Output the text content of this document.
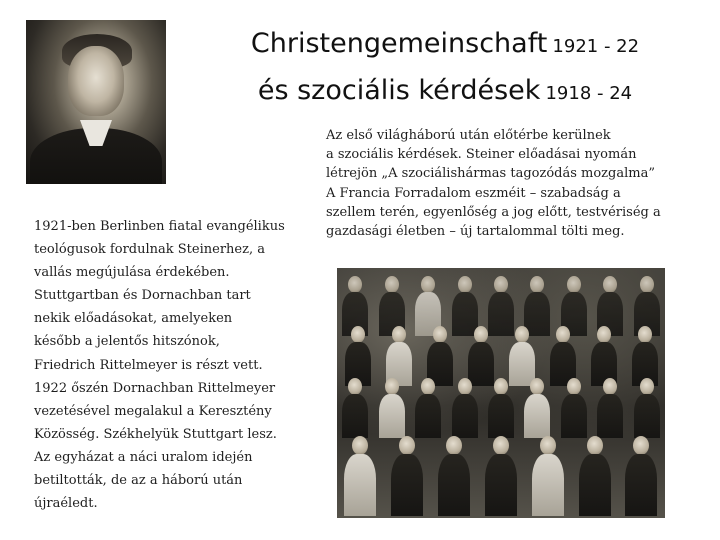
Christengemeinschaft 1921 - 22
és szociális kérdések 1918 - 24
Az első világháború után előtérbe kerülnek
a szociális kérdések. Steiner előadásai nyomán
létrejön „A szociálishármas tagozódás mozgalma”
A Francia Forradalom eszméit – szabadság a
szellem terén, egyenlőség a jog előtt, testvériség a
gazdasági életben – új tartalommal tölti meg.
1921-ben Berlinben fiatal evangélikus
teológusok fordulnak Steinerhez, a
vallás megújulása érdekében.
Stuttgartban és Dornachban tart
nekik előadásokat, amelyeken
később a jelentős hitszónok,
Friedrich Rittelmeyer is részt vett.
1922 őszén Dornachban Rittelmeyer
vezetésével megalakul a Keresztény
Közösség. Székhelyük Stuttgart lesz.
Az egyházat a náci uralom idején
betiltották, de az a háború után
újraéledt.
